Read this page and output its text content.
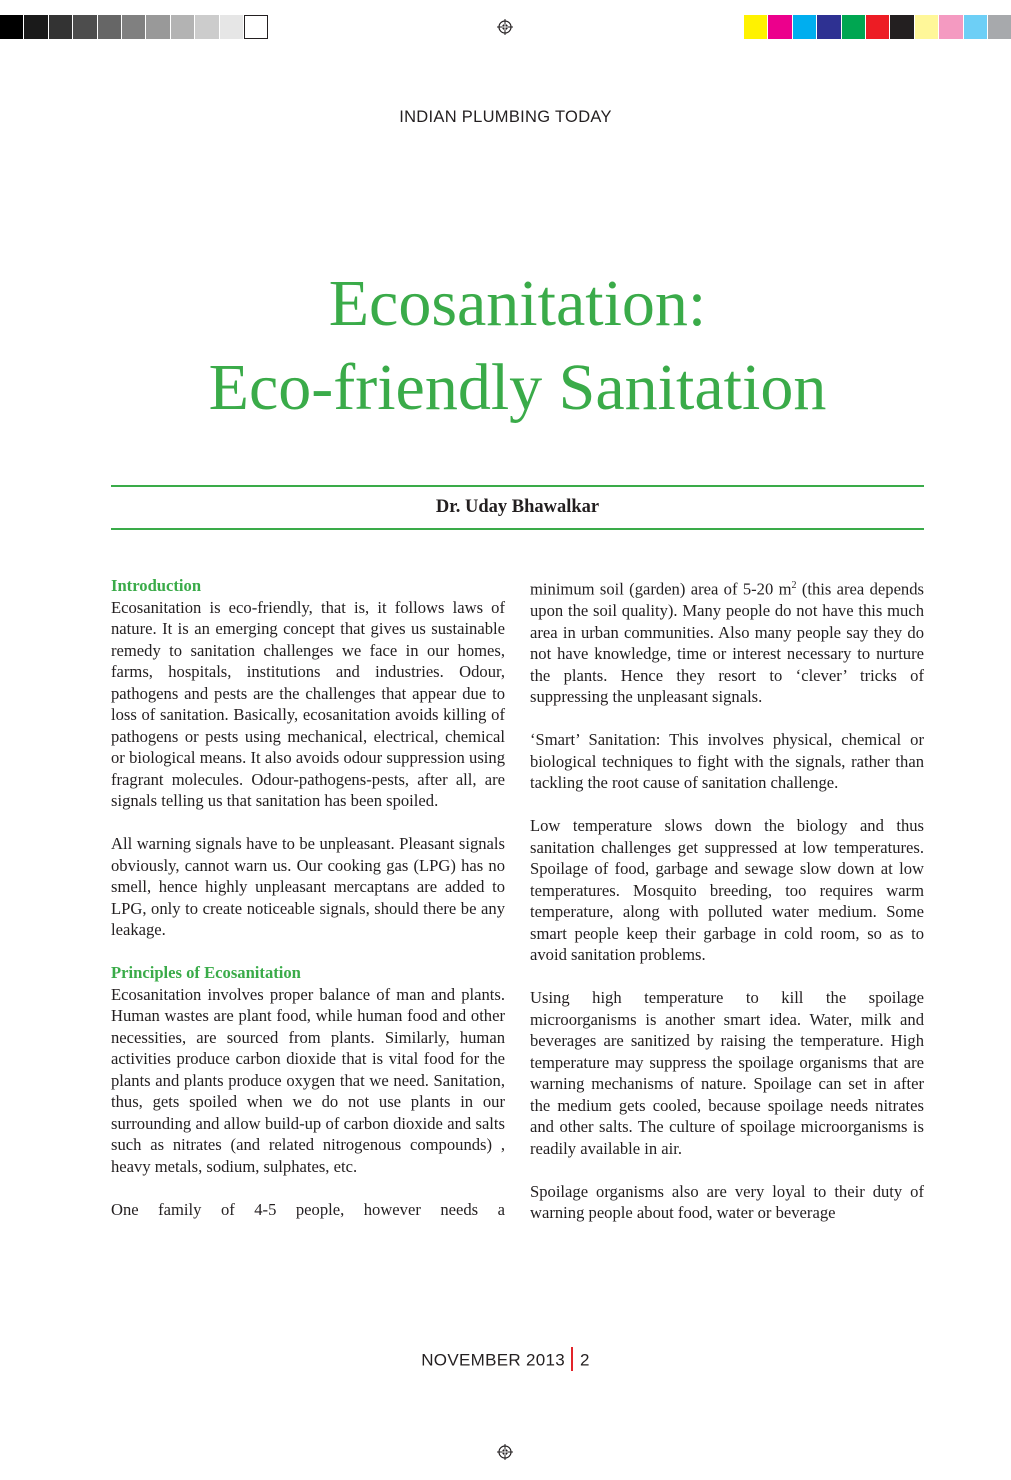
INDIAN PLUMBING TODAY
Ecosanitation:
Eco-friendly Sanitation
Dr. Uday Bhawalkar
Introduction

Ecosanitation is eco-friendly, that is, it follows laws of nature. It is an emerging concept that gives us sustainable remedy to sanitation challenges we face in our homes, farms, hospitals, institutions and industries. Odour, pathogens and pests are the challenges that appear due to loss of sanitation. Basically, ecosanitation avoids killing of pathogens or pests using mechanical, electrical, chemical or biological means. It also avoids odour suppression using fragrant molecules. Odour-pathogens-pests, after all, are signals telling us that sanitation has been spoiled.

All warning signals have to be unpleasant. Pleasant signals obviously, cannot warn us. Our cooking gas (LPG) has no smell, hence highly unpleasant mercaptans are added to LPG, only to create noticeable signals, should there be any leakage.

Principles of Ecosanitation

Ecosanitation involves proper balance of man and plants. Human wastes are plant food, while human food and other necessities, are sourced from plants. Similarly, human activities produce carbon dioxide that is vital food for the plants and plants produce oxygen that we need. Sanitation, thus, gets spoiled when we do not use plants in our surrounding and allow build-up of carbon dioxide and salts such as nitrates (and related nitrogenous compounds) , heavy metals, sodium, sulphates, etc.

One family of 4-5 people, however needs a

minimum soil (garden) area of 5-20 $m^2$ (this area depends upon the soil quality). Many people do not have this much area in urban communities. Also many people say they do not have knowledge, time or interest necessary to nurture the plants. Hence they resort to ‘clever’ tricks of suppressing the unpleasant signals.

‘Smart’ Sanitation: This involves physical, chemical or biological techniques to fight with the signals, rather than tackling the root cause of sanitation challenge.

Low temperature slows down the biology and thus sanitation challenges get suppressed at low temperatures. Spoilage of food, garbage and sewage slow down at low temperatures. Mosquito breeding, too requires warm temperature, along with polluted water medium. Some smart people keep their garbage in cold room, so as to avoid sanitation problems.

Using high temperature to kill the spoilage microorganisms is another smart idea. Water, milk and beverages are sanitized by raising the temperature. High temperature may suppress the spoilage organisms that are warning mechanisms of nature. Spoilage can set in after the medium gets cooled, because spoilage needs nitrates and other salts. The culture of spoilage microorganisms is readily available in air.

Spoilage organisms also are very loyal to their duty of warning people about food, water or beverage

NOVEMBER 2013 2
